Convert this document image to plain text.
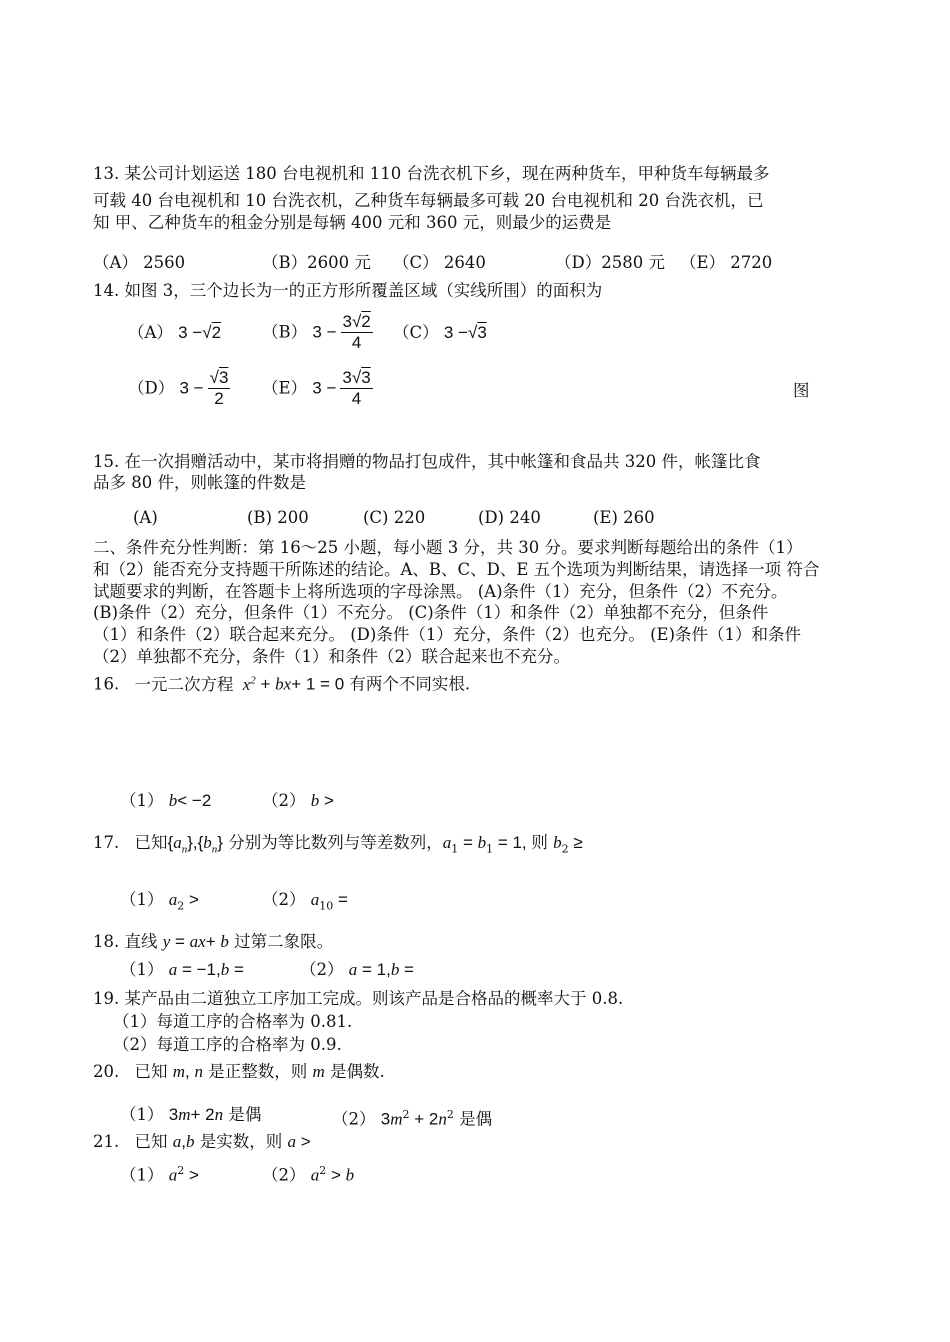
13. 某公司计划运送 180 台电视机和 110 台洗衣机下乡，现在两种货车，甲种货车每辆最多
可载 40 台电视机和 10 台洗衣机，乙种货车每辆最多可载 20 台电视机和 20 台洗衣机，已
知 甲、乙种货车的租金分别是每辆 400 元和 360 元，则最少的运费是
（A） 2560	（B）2600 元 （C） 2640	（D）2580 元 （E） 2720
14. 如图 3，三个边长为一的正方形所覆盖区域（实线所围）的面积为
（A） 3 −√2 （B） $3 - \frac{3√2}{4} (C)$ 3 −√3
（D） $3 - \frac{√3}{2} (E) 3 - \frac{3√3}{4}$	图
15. 在一次捐赠活动中，某市将捐赠的物品打包成件，其中帐篷和食品共 320 件，帐篷比食
品多 80 件，则帐篷的件数是
(A)	(B) 200	(C) 220	(D) 240	(E) 260
二、条件充分性判断：第 16～25 小题，每小题 3 分，共 30 分。要求判断每题给出的条件（1）
和（2）能否充分支持题干所陈述的结论。A、B、C、D、E 五个选项为判断结果，请选择一项 符合
试题要求的判断，在答题卡上将所选项的字母涂黑。 (A)条件（1）充分，但条件（2）不充分。
(B)条件（2）充分，但条件（1）不充分。 (C)条件（1）和条件（2）单独都不充分，但条件
（1）和条件（2）联合起来充分。 (D)条件（1）充分，条件（2）也充分。 (E)条件（1）和条件
（2）单独都不充分，条件（1）和条件（2）联合起来也不充分。
16. 一元二次方程 $x^2 + bx+ 1 = 0$ 有两个不同实根.
（1） b< −2	（2） b >
17. 已知$\{a_n\},\{b_n\}$ 分别为等比数列与等差数列，$a_1 = b_1 = 1$, 则 $b_2$ ≥
（1） $a_2$ >	（2） $a_{10}$ =
18. 直线 y = ax+ b 过第二象限。
（1） a = −1,b =	（2） a = 1,b =
19. 某产品由二道独立工序加工完成。则该产品是合格品的概率大于 0.8.
（1）每道工序的合格率为 0.81.
（2）每道工序的合格率为 0.9.
20. 已知 m, n 是正整数，则 m 是偶数.
（1） 3m+ 2n 是偶	（2） $3m^2 + 2n^2$ 是偶
21. 已知 a,b 是实数，则 a >
（1） $a^2$ >	（2） $a^2 > b$
